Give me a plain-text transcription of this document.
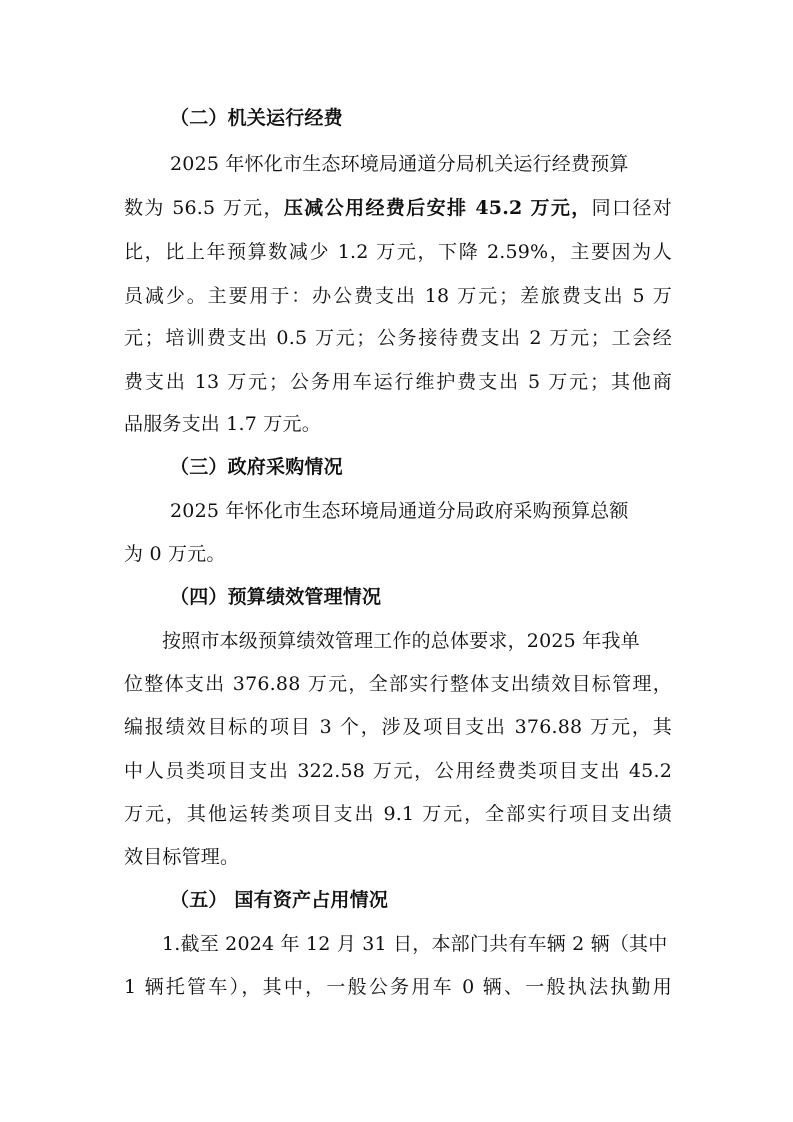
（二）机关运行经费
2025 年怀化市生态环境局通道分局机关运行经费预算
数为 56.5 万元，压减公用经费后安排 45.2 万元，同口径对
比，比上年预算数减少 1.2 万元，下降 2.59%，主要因为人
员减少。主要用于：办公费支出 18 万元；差旅费支出 5 万
元；培训费支出 0.5 万元；公务接待费支出 2 万元；工会经
费支出 13 万元；公务用车运行维护费支出 5 万元；其他商
品服务支出 1.7 万元。
（三）政府采购情况
2025 年怀化市生态环境局通道分局政府采购预算总额
为 0 万元。
（四）预算绩效管理情况
按照市本级预算绩效管理工作的总体要求，2025 年我单
位整体支出 376.88 万元，全部实行整体支出绩效目标管理，
编报绩效目标的项目 3 个，涉及项目支出 376.88 万元，其
中人员类项目支出 322.58 万元，公用经费类项目支出 45.2
万元，其他运转类项目支出 9.1 万元，全部实行项目支出绩
效目标管理。
（五） 国有资产占用情况
1.截至 2024 年 12 月 31 日，本部门共有车辆 2 辆（其中
1 辆托管车），其中，一般公务用车 0 辆、一般执法执勤用
